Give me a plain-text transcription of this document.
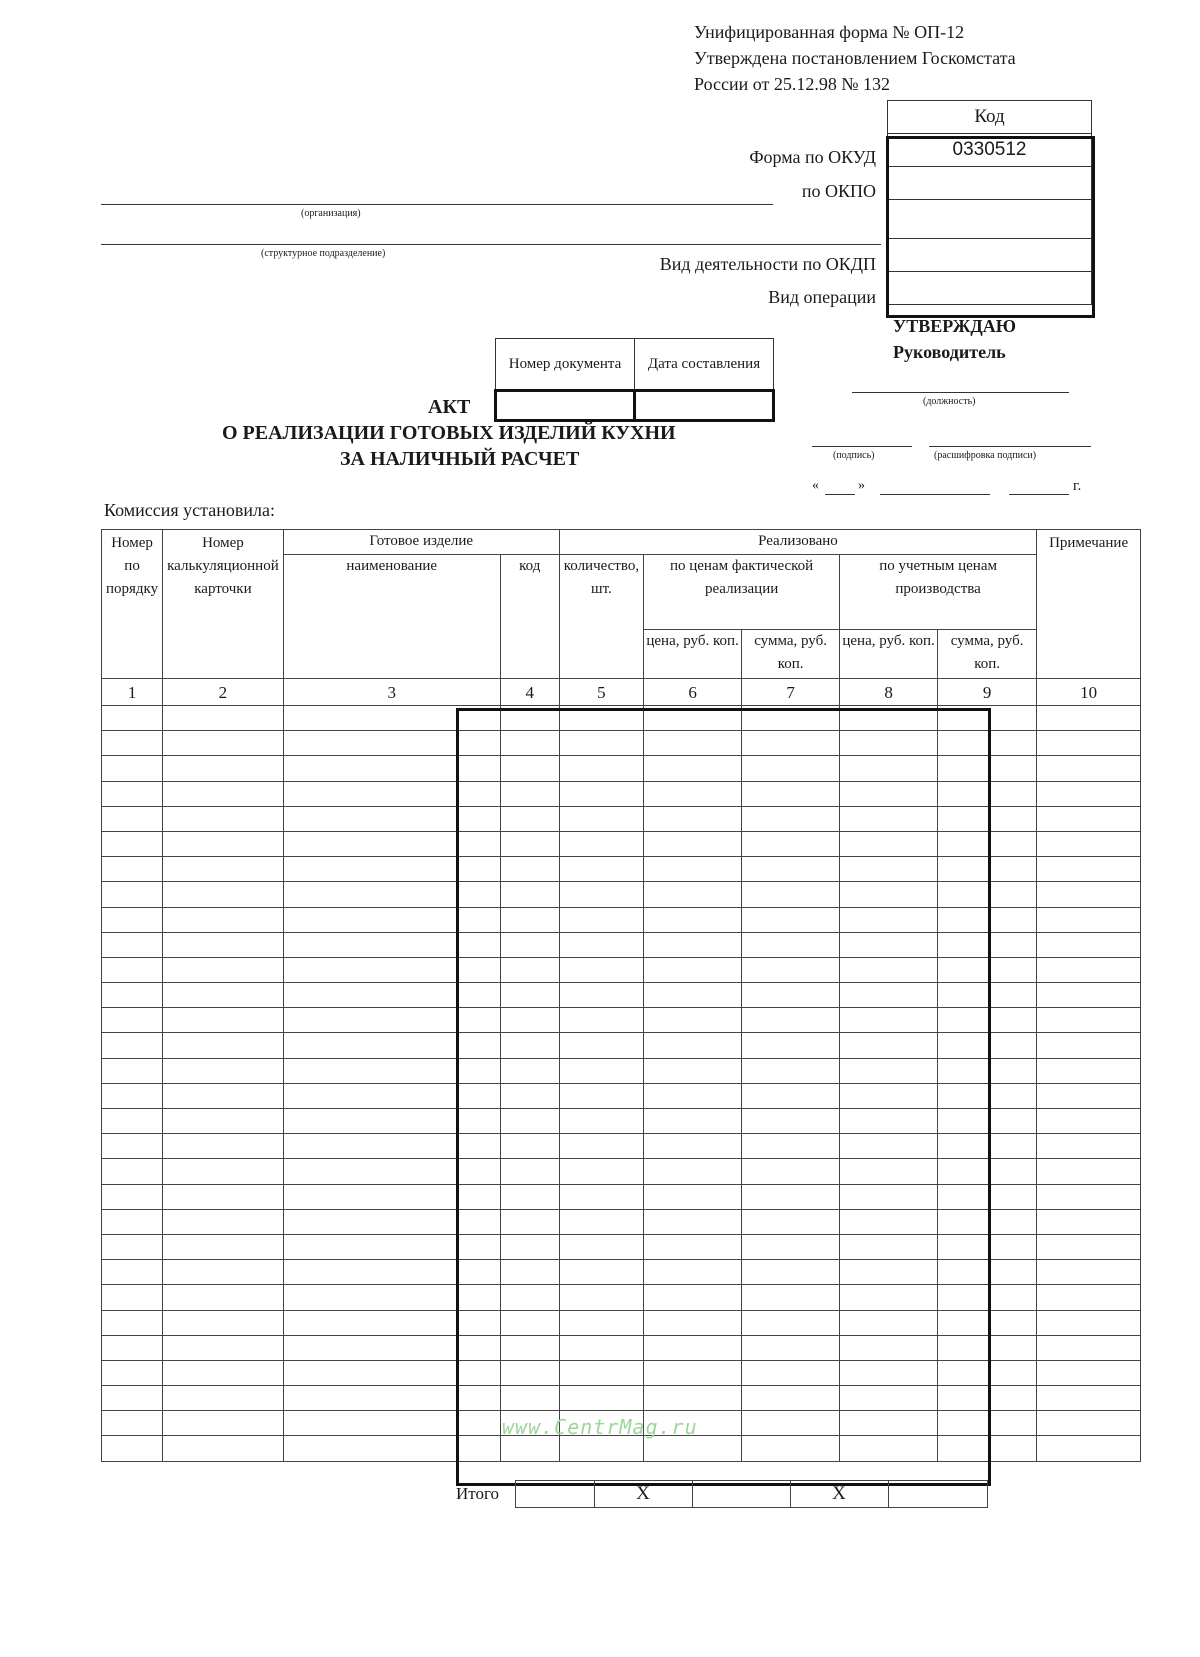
Унифицированная форма № ОП-12
Утверждена постановлением Госкомстата
России от 25.12.98 № 132
Код
0330512

Форма по ОКУД
по ОКПО
Вид деятельности по ОКДП
Вид операции
(организация)
(структурное подразделение)
УТВЕРЖДАЮ
Руководитель
(должность)
(подпись)	(расшифровка подписи)
«	»	г.
Номер документа	Дата составления

АКТ
О РЕАЛИЗАЦИИ ГОТОВЫХ ИЗДЕЛИЙ КУХНИ
ЗА НАЛИЧНЫЙ РАСЧЕТ
Комиссия установила:
Номер по порядку	Номер калькуляционной карточки	Готовое изделие		Реализовано					Примечание
		наименование	код	количество, шт.	по ценам фактической реализации		по учетным ценам производства		
					цена, руб. коп.	сумма, руб. коп.	цена, руб. коп.	сумма, руб. коп.	

1	2	3	4	5	6	7	8	9	10

Итого		X		X	
www.CentrMag.ru
